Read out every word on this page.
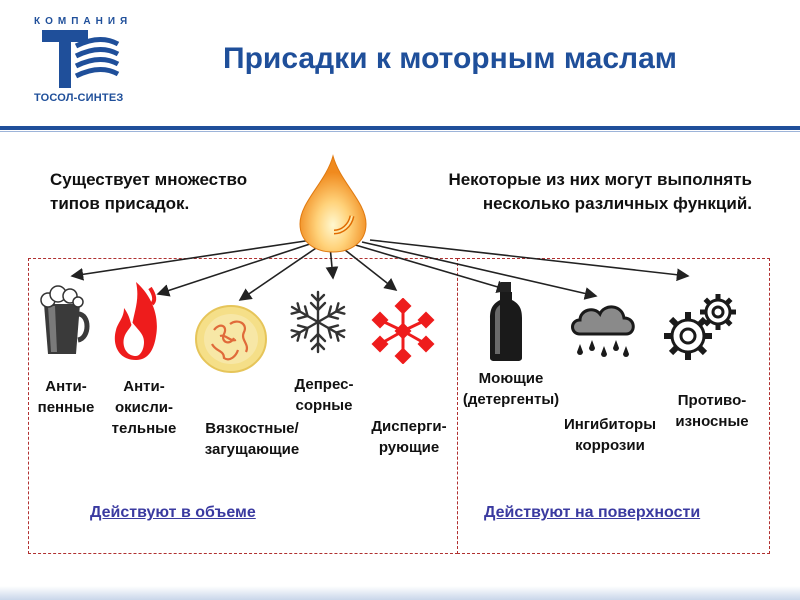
КОМПАНИЯ
ТОСОЛ-СИНТЕЗ
Присадки к моторным маслам
Существует множество
типов присадок.
Некоторые из них могут выполнять
несколько различных функций.
Анти-
пенные
Анти-
окисли-
тельные	Вязкостные/
загущающие
Депрес-
сорные
Дисперги-
рующие
Моющие
(детергенты)
Ингибиторы
коррозии
Противо-
износные
Действуют в объеме	Действуют на поверхности
